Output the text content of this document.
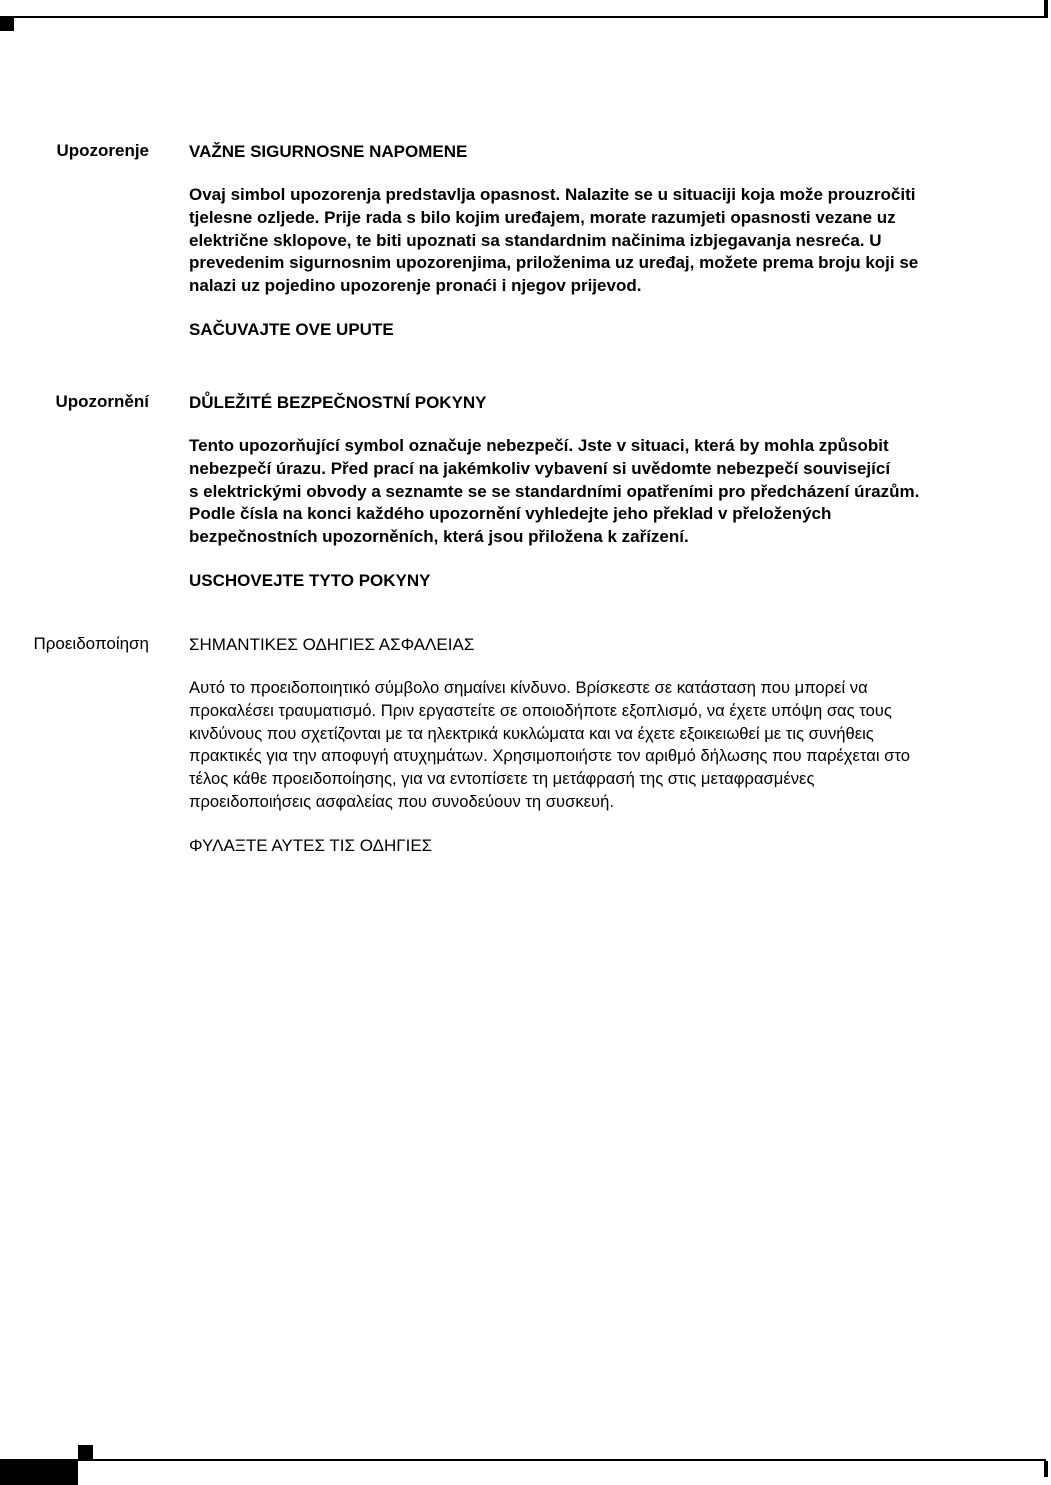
Upozorenje VAŽNE SIGURNOSNE NAPOMENE
Ovaj simbol upozorenja predstavlja opasnost. Nalazite se u situaciji koja može prouzročiti
tjelesne ozljede. Prije rada s bilo kojim uređajem, morate razumjeti opasnosti vezane uz
električne sklopove, te biti upoznati sa standardnim načinima izbjegavanja nesreća. U
prevedenim sigurnosnim upozorenjima, priloženima uz uređaj, možete prema broju koji se
nalazi uz pojedino upozorenje pronaći i njegov prijevod.
SAČUVAJTE OVE UPUTE
Upozornění DŮLEŽITÉ BEZPEČNOSTNÍ POKYNY
Tento upozorňující symbol označuje nebezpečí. Jste v situaci, která by mohla způsobit
nebezpečí úrazu. Před prací na jakémkoliv vybavení si uvědomte nebezpečí související
s elektrickými obvody a seznamte se se standardními opatřeními pro předcházení úrazům.
Podle čísla na konci každého upozornění vyhledejte jeho překlad v přeložených
bezpečnostních upozorněních, která jsou přiložena k zařízení.
USCHOVEJTE TYTO POKYNY
Προειδοποίηση ΣΗΜΑΝΤΙΚΕΣ ΟΔΗΓΙΕΣ ΑΣΦΑΛΕΙΑΣ
Αυτό το προειδοποιητικό σύμβολο σημαίνει κίνδυνο. Βρίσκεστε σε κατάσταση που μπορεί να
προκαλέσει τραυματισμό. Πριν εργαστείτε σε οποιοδήποτε εξοπλισμό, να έχετε υπόψη σας τους
κινδύνους που σχετίζονται με τα ηλεκτρικά κυκλώματα και να έχετε εξοικειωθεί με τις συνήθεις
πρακτικές για την αποφυγή ατυχημάτων. Χρησιμοποιήστε τον αριθμό δήλωσης που παρέχεται στο
τέλος κάθε προειδοποίησης, για να εντοπίσετε τη μετάφρασή της στις μεταφρασμένες
προειδοποιήσεις ασφαλείας που συνοδεύουν τη συσκευή.
ΦΥΛΑΞΤΕ ΑΥΤΕΣ ΤΙΣ ΟΔΗΓΙΕΣ
